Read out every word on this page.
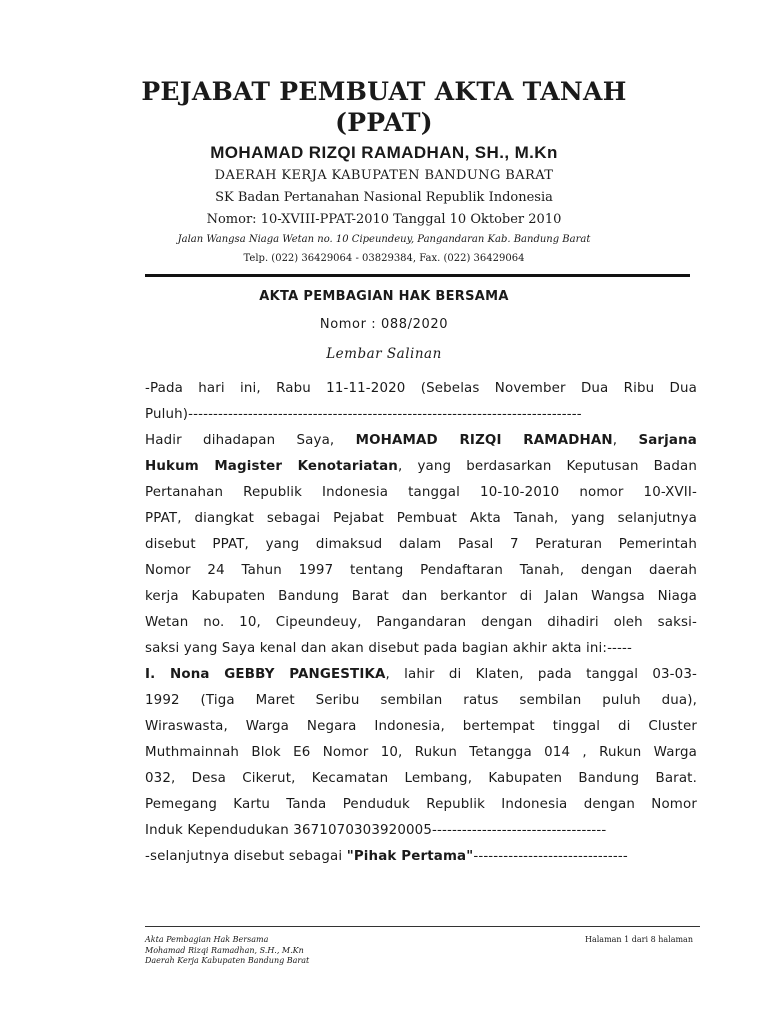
PEJABAT PEMBUAT AKTA TANAH
(PPAT)
MOHAMAD RIZQI RAMADHAN, SH., M.Kn
DAERAH KERJA KABUPATEN BANDUNG BARAT
SK Badan Pertanahan Nasional Republik Indonesia
Nomor: 10-XVIII-PPAT-2010 Tanggal 10 Oktober 2010
Jalan Wangsa Niaga Wetan no. 10 Cipeundeuy, Pangandaran Kab. Bandung Barat
Telp. (022) 36429064 - 03829384, Fax. (022) 36429064
AKTA PEMBAGIAN HAK BERSAMA
Nomor : 088/2020
Lembar Salinan
-Pada hari ini, Rabu 11-11-2020 (Sebelas November Dua Ribu Dua
Puluh)-------------------------------------------------------------------------------
Hadir dihadapan Saya, MOHAMAD RIZQI RAMADHAN, Sarjana
Hukum Magister Kenotariatan, yang berdasarkan Keputusan Badan
Pertanahan Republik Indonesia tanggal 10-10-2010 nomor 10-XVII-
PPAT, diangkat sebagai Pejabat Pembuat Akta Tanah, yang selanjutnya
disebut PPAT, yang dimaksud dalam Pasal 7 Peraturan Pemerintah
Nomor 24 Tahun 1997 tentang Pendaftaran Tanah, dengan daerah
kerja Kabupaten Bandung Barat dan berkantor di Jalan Wangsa Niaga
Wetan no. 10, Cipeundeuy, Pangandaran dengan dihadiri oleh saksi-
saksi yang Saya kenal dan akan disebut pada bagian akhir akta ini:-----
I. Nona GEBBY PANGESTIKA, lahir di Klaten, pada tanggal 03-03-
1992 (Tiga Maret Seribu sembilan ratus sembilan puluh dua),
Wiraswasta, Warga Negara Indonesia, bertempat tinggal di Cluster
Muthmainnah Blok E6 Nomor 10, Rukun Tetangga 014 , Rukun Warga
032, Desa Cikerut, Kecamatan Lembang, Kabupaten Bandung Barat.
Pemegang Kartu Tanda Penduduk Republik Indonesia dengan Nomor
Induk Kependudukan 3671070303920005-----------------------------------
-selanjutnya disebut sebagai "Pihak Pertama"-------------------------------
Akta Pembagian Hak Bersama
Mohamad Rizqi Ramadhan, S.H., M.Kn
Daerah Kerja Kabupaten Bandung Barat
Halaman 1 dari 8 halaman
